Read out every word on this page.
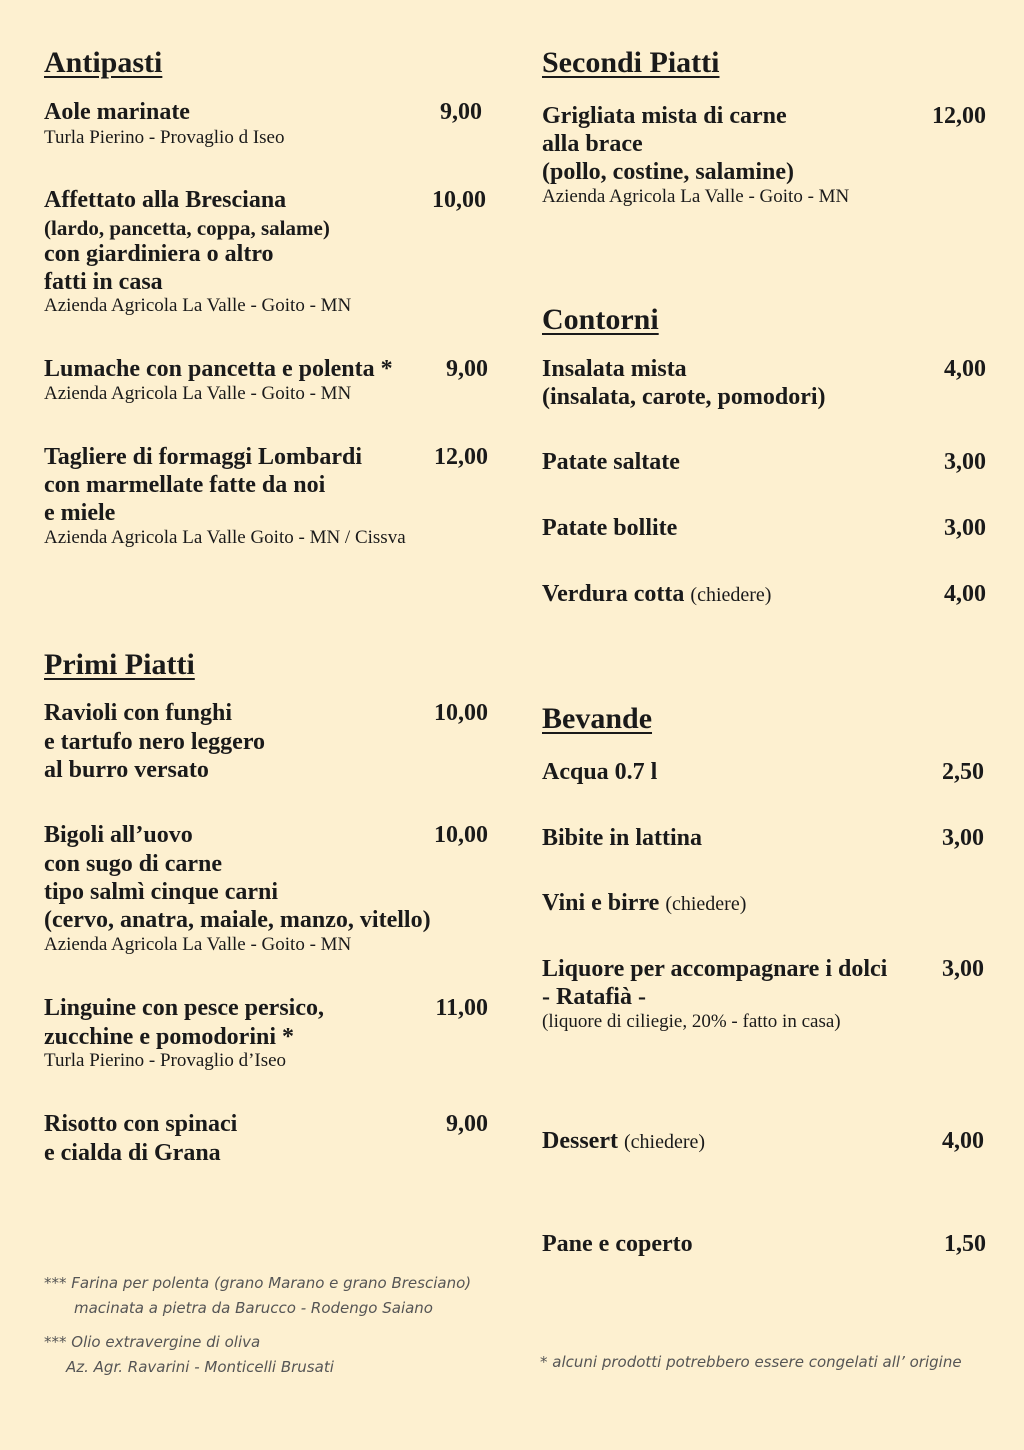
Antipasti
Aole marinate	9,00
Turla Pierino - Provaglio d Iseo
Affettato alla Bresciana	10,00
(lardo, pancetta, coppa, salame)
con giardiniera o altro
fatti in casa
Azienda Agricola La Valle - Goito - MN
Lumache con pancetta e polenta * 9,00
Azienda Agricola La Valle - Goito - MN
Tagliere di formaggi Lombardi	12,00
con marmellate fatte da noi
e miele
Azienda Agricola La Valle Goito - MN / Cissva
Primi Piatti
Ravioli con funghi	10,00
e tartufo nero leggero
al burro versato
Bigoli all’uovo	10,00
con sugo di carne
tipo salmì cinque carni
(cervo, anatra, maiale, manzo, vitello)
Azienda Agricola La Valle - Goito - MN
Linguine con pesce persico,	11,00
zucchine e pomodorini *
Turla Pierino - Provaglio d’Iseo
Risotto con spinaci	9,00
e cialda di Grana
*** Farina per polenta (grano Marano e grano Bresciano)
macinata a pietra da Barucco - Rodengo Saiano
*** Olio extravergine di oliva
Az. Agr. Ravarini - Monticelli Brusati
Secondi Piatti
Grigliata mista di carne	12,00
alla brace
(pollo, costine, salamine)
Azienda Agricola La Valle - Goito - MN
Contorni
Insalata mista	4,00
(insalata, carote, pomodori)
Patate saltate	3,00
Patate bollite	3,00
Verdura cotta (chiedere)	4,00
Bevande
Acqua 0.7 l	2,50
Bibite in lattina	3,00
Vini e birre (chiedere)
Liquore per accompagnare i dolci 3,00
- Ratafià -
(liquore di ciliegie, 20% - fatto in casa)
Dessert (chiedere)	4,00
Pane e coperto	1,50
* alcuni prodotti potrebbero essere congelati all’ origine
